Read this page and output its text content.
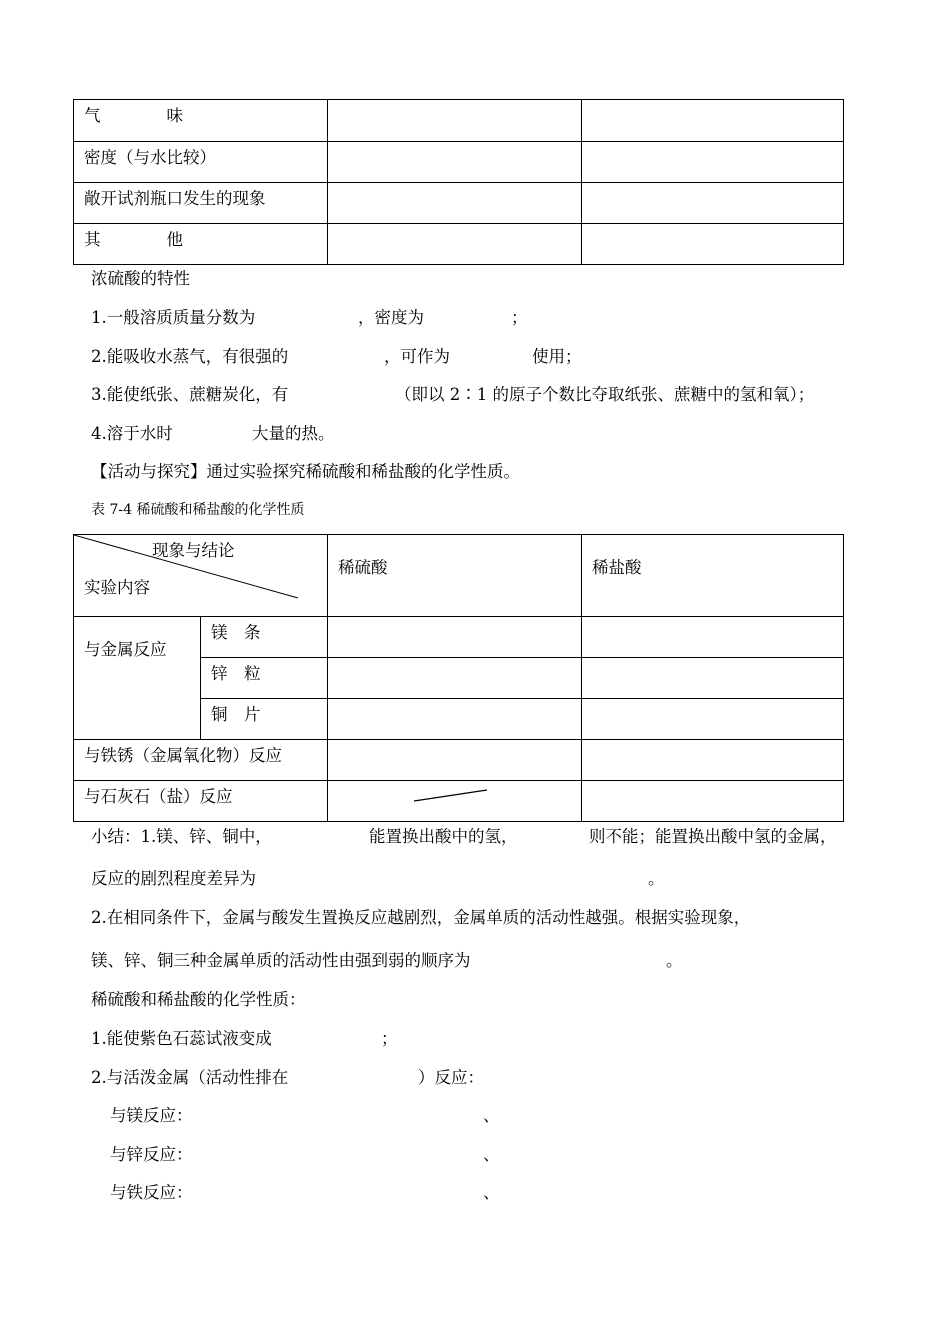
气　　　　味		
密度（与水比较）		
敞开试剂瓶口发生的现象		
其　　　　他		
浓硫酸的特性
1.一般溶质质量分数为	，密度为	；
2.能吸收水蒸气，有很强的	，可作为	使用；
3.能使纸张、蔗糖炭化，有	（即以 2∶1 的原子个数比夺取纸张、蔗糖中的氢和氧）；
4.溶于水时	大量的热。
【活动与探究】通过实验探究稀硫酸和稀盐酸的化学性质。
表 7-4 稀硫酸和稀盐酸的化学性质
现象与结论
实验内容		稀硫酸	稀盐酸
与金属反应	镁　条		
	锌　粒		
	铜　片		
与铁锈（金属氧化物）反应			
与石灰石（盐）反应	

小结：1.镁、锌、铜中，	能置换出酸中的氢，	则不能；能置换出酸中氢的金属，
反应的剧烈程度差异为	。
2.在相同条件下，金属与酸发生置换反应越剧烈，金属单质的活动性越强。根据实验现象，
镁、锌、铜三种金属单质的活动性由强到弱的顺序为	。
稀硫酸和稀盐酸的化学性质：
1.能使紫色石蕊试液变成	；
2.与活泼金属（活动性排在	）反应：
与镁反应：	、
与锌反应：	、
与铁反应：	、
